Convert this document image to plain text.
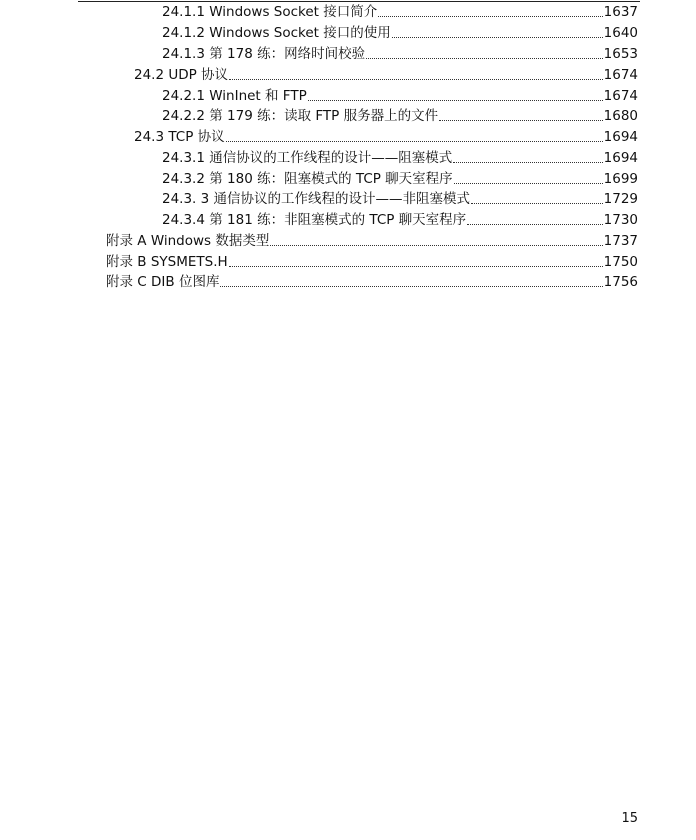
24.1.1 Windows Socket 接口简介	1637
24.1.2 Windows Socket 接口的使用	1640
24.1.3 第 178 练：网络时间校验	1653
24.2 UDP 协议	1674
24.2.1 WinInet 和 FTP	1674
24.2.2 第 179 练：读取 FTP 服务器上的文件	1680
24.3 TCP 协议	1694
24.3.1 通信协议的工作线程的设计——阻塞模式	1694
24.3.2 第 180 练：阻塞模式的 TCP 聊天室程序	1699
24.3. 3 通信协议的工作线程的设计——非阻塞模式	1729
24.3.4 第 181 练：非阻塞模式的 TCP 聊天室程序	1730
附录 A Windows 数据类型	1737
附录 B SYSMETS.H	1750
附录 C DIB 位图库	1756
15
